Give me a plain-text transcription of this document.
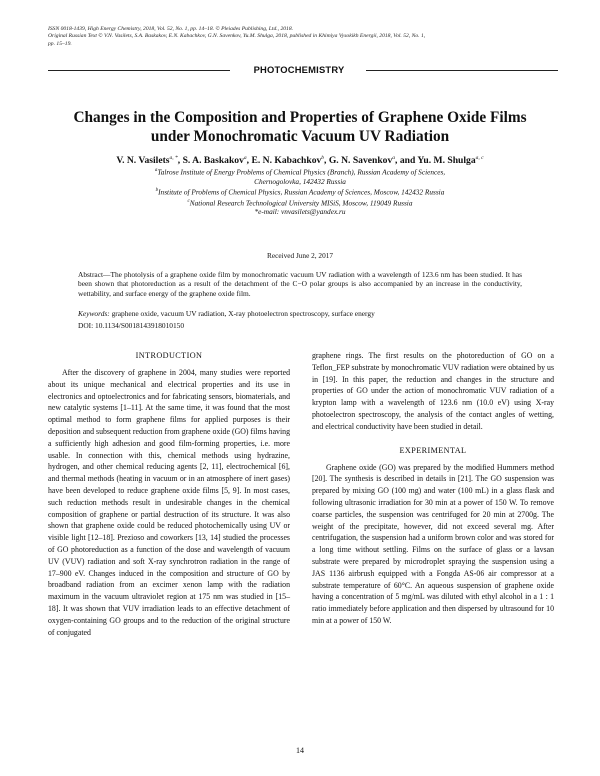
ISSN 0018-1439, High Energy Chemistry, 2018, Vol. 52, No. 1, pp. 14–18. © Pleiades Publishing, Ltd., 2018.
Original Russian Text © V.N. Vasilets, S.A. Baskakov, E.N. Kabachkov, G.N. Savenkov, Yu.M. Shulga, 2018, published in Khimiya Vysokikh Energii, 2018, Vol. 52, No. 1,
pp. 15–19.
PHOTOCHEMISTRY
Changes in the Composition and Properties of Graphene Oxide Films
under Monochromatic Vacuum UV Radiation
V. N. Vasilets$^{a, *}$, S. A. Baskakov$^a$, E. N. Kabachkov$^b$, G. N. Savenkov$^a$, and Yu. M. Shulga$^{a, c}$
$^a$Talrose Institute of Energy Problems of Chemical Physics (Branch), Russian Academy of Sciences,
Chernogolovka, 142432 Russia
$^b$Institute of Problems of Chemical Physics, Russian Academy of Sciences, Moscow, 142432 Russia
$^c$National Research Technological University MISiS, Moscow, 119049 Russia
*e-mail: vnvasilets@yandex.ru
Received June 2, 2017
Abstract—The photolysis of a graphene oxide film by monochromatic vacuum UV radiation with a wavelength of 123.6 nm has been studied. It has been shown that photoreduction as a result of the detachment of the C−O polar groups is also accompanied by an increase in the conductivity, wettability, and surface energy of the graphene oxide film.
Keywords: graphene oxide, vacuum UV radiation, X-ray photoelectron spectroscopy, surface energy
DOI: 10.1134/S0018143918010150
INTRODUCTION

After the discovery of graphene in 2004, many studies were reported about its unique mechanical and electrical properties and its use in electronics and optoelectronics and for fabricating sensors, biomaterials, and new catalytic systems [1–11]. At the same time, it was found that the most optimal method to form graphene films for applied purposes is their deposition and subsequent reduction from graphene oxide (GO) films having a sufficiently high adhesion and good film-forming properties, i.e. more usable. In connection with this, chemical methods using hydrazine, hydrogen, and other chemical reducing agents [2, 11], electrochemical [6], and thermal methods (heating in vacuum or in an atmosphere of inert gases) have been developed to reduce graphene oxide films [5, 9]. In most cases, such reduction methods result in undesirable changes in the chemical composition of graphene or partial destruction of its structure. It was also shown that graphene oxide could be reduced photochemically using UV or visible light [12–18]. Prezioso and coworkers [13, 14] studied the processes of GO photoreduction as a function of the dose and wavelength of vacuum UV (VUV) radiation and soft X-ray synchrotron radiation in the range of 17–900 eV. Changes induced in the composition and structure of GO by broadband radiation from an excimer xenon lamp with the radiation maximum in the vacuum ultraviolet region at 175 nm was studied in [15–18]. It was shown that VUV irradiation leads to an effective detachment of oxygen-containing GO groups and to the reduction of the original structure of conjugated

graphene rings. The first results on the photoreduction of GO on a Teflon_FEP substrate by monochromatic VUV radiation were obtained by us in [19]. In this paper, the reduction and changes in the structure and properties of GO under the action of monochromatic VUV radiation of a krypton lamp with a wavelength of 123.6 nm (10.0 eV) using X-ray photoelectron spectroscopy, the analysis of the contact angles of wetting, and electrical conductivity have been studied in detail.

EXPERIMENTAL

Graphene oxide (GO) was prepared by the modified Hummers method [20]. The synthesis is described in details in [21]. The GO suspension was prepared by mixing GO (100 mg) and water (100 mL) in a glass flask and following ultrasonic irradiation for 30 min at a power of 150 W. To remove coarse particles, the suspension was centrifuged for 20 min at 2700g. The weight of the precipitate, however, did not exceed several mg. After centrifugation, the suspension had a uniform brown color and was stored for a long time without settling. Films on the surface of glass or a lavsan substrate were prepared by microdroplet spraying the suspension using a JAS 1136 airbrush equipped with a Fongda AS-06 air compressor at a substrate temperature of 60°C. An aqueous suspension of graphene oxide having a concentration of 5 mg/mL was diluted with ethyl alcohol in a 1 : 1 ratio immediately before application and then dispersed by ultrasound for 10 min at a power of 150 W.

14
